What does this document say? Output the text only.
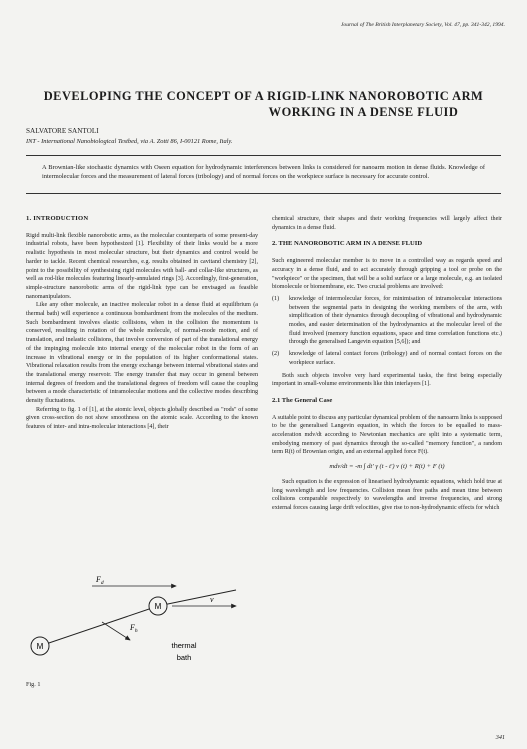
Journal of The British Interplanetary Society, Vol. 47, pp. 341-342, 1994.
DEVELOPING THE CONCEPT OF A RIGID-LINK NANOROBOTIC ARM
WORKING IN A DENSE FLUID
SALVATORE SANTOLI
INT - International Nanobiological Testbed, via A. Zotti 86, I-00121 Rome, Italy.
A Brownian-like stochastic dynamics with Oseen equation for hydrodynamic interferences between links is considered for nanoarm motion in dense fluids. Knowledge of intermolecular forces and the measurement of lateral forces (tribology) and of normal forces on the workpiece surface is necessary for accurate control.
1. INTRODUCTION

Rigid multi-link flexible nanorobotic arms, as the molecular counterparts of some present-day industrial robots, have been hypothesized [1]. Flexibility of their links would be a more realistic hypothesis in most molecular structure, but their dynamics and control would be harder to tackle. Recent chemical researches, e.g. results obtained in cavitand chemistry [2], point to the possibility of synthesising rigid molecules with ball- and collar-like structures, as well as rod-like molecules featuring linearly-annulated rings [3]. Accordingly, first-generation, simple-structure nanorobotic arms of the rigid-link type can be envisaged as feasible nanomanipulators.

Like any other molecule, an inactive molecular robot in a dense fluid at equilibrium (a thermal bath) will experience a continuous bombardment from the molecules of the medium. Such bombardment involves elastic collisions, when in the collision the momentum is conserved, resulting in rotation of the whole molecule, of normal-mode motion, and of translation, and inelastic collisions, that involve conversion of part of the translational energy of the impinging molecule into internal energy of the molecular robot in the form of an increase in vibrational energy or in the population of its higher conformational states. Vibrational relaxation results from the energy exchange between internal vibrational states and the translational energy reservoir. The energy transfer that may occur in general between internal degrees of freedom and the translational degrees of freedom will cause the coupling between a mode characteristic of intramolecular motions and the collective modes describing density fluctuations.

Referring to fig. 1 of [1], at the atomic level, objects globally described as "rods" of some given cross-section do not show smoothness on the atomic scale. According to the known features of inter- and intra-molecular interactions [4], their

M
M
$F_d$
v
$F_h$
thermal
bath
Fig. 1

chemical structure, their shapes and their working frequencies will largely affect their dynamics in a dense fluid.

2. THE NANOROBOTIC ARM IN A DENSE FLUID

Such engineered molecular member is to move in a controlled way as regards speed and accuracy in a dense fluid, and to act accurately through gripping a tool or probe on the "workpiece" or the specimen, that will be a solid surface or a large molecule, e.g. an isolated biomolecule or biomembrane, etc. Two crucial problems are involved:

(1)	knowledge of intermolecular forces, for minimisation of intramolecular interactions between the segmental parts in designing the working members of the arm, with simplification of their dynamics through decoupling of vibrational and hydrodynamic modes, and easier determination of the hydrodynamics at the molecular level of the fluid involved (memory function equations, space and time correlation functions etc.) through the generalised Langevin equation [5,6]); and
(2)	knowledge of lateral contact forces (tribology) and of normal contact forces on the workpiece surface.

Both such objects involve very hard experimental tasks, the first being especially important in small-volume environments like thin interlayers [1].

2.1 The General Case

A suitable point to discuss any particular dynamical problem of the nanoarm links is supposed to be the generalised Langevin equation, in which the forces to be equalled to mass-acceleration mdv/dt according to Newtonian mechanics are split into a systematic term, embodying memory of past dynamics through the so-called "memory function", a random term R(t) of Brownian origin, and an external applied force F(t).

mdv/dt = -m ∫ dt' γ (t - t') v (t) + R(t) + F (t)

Such equation is the expression of linearised hydrodynamic equations, which hold true at long wavelength and low frequencies. Collision mean free paths and mean time between collisions comparable respectively to wavelengths and inverse frequencies, and strong external forces causing large drift velocities, give rise to non-hydrodynamic effects for which

341
